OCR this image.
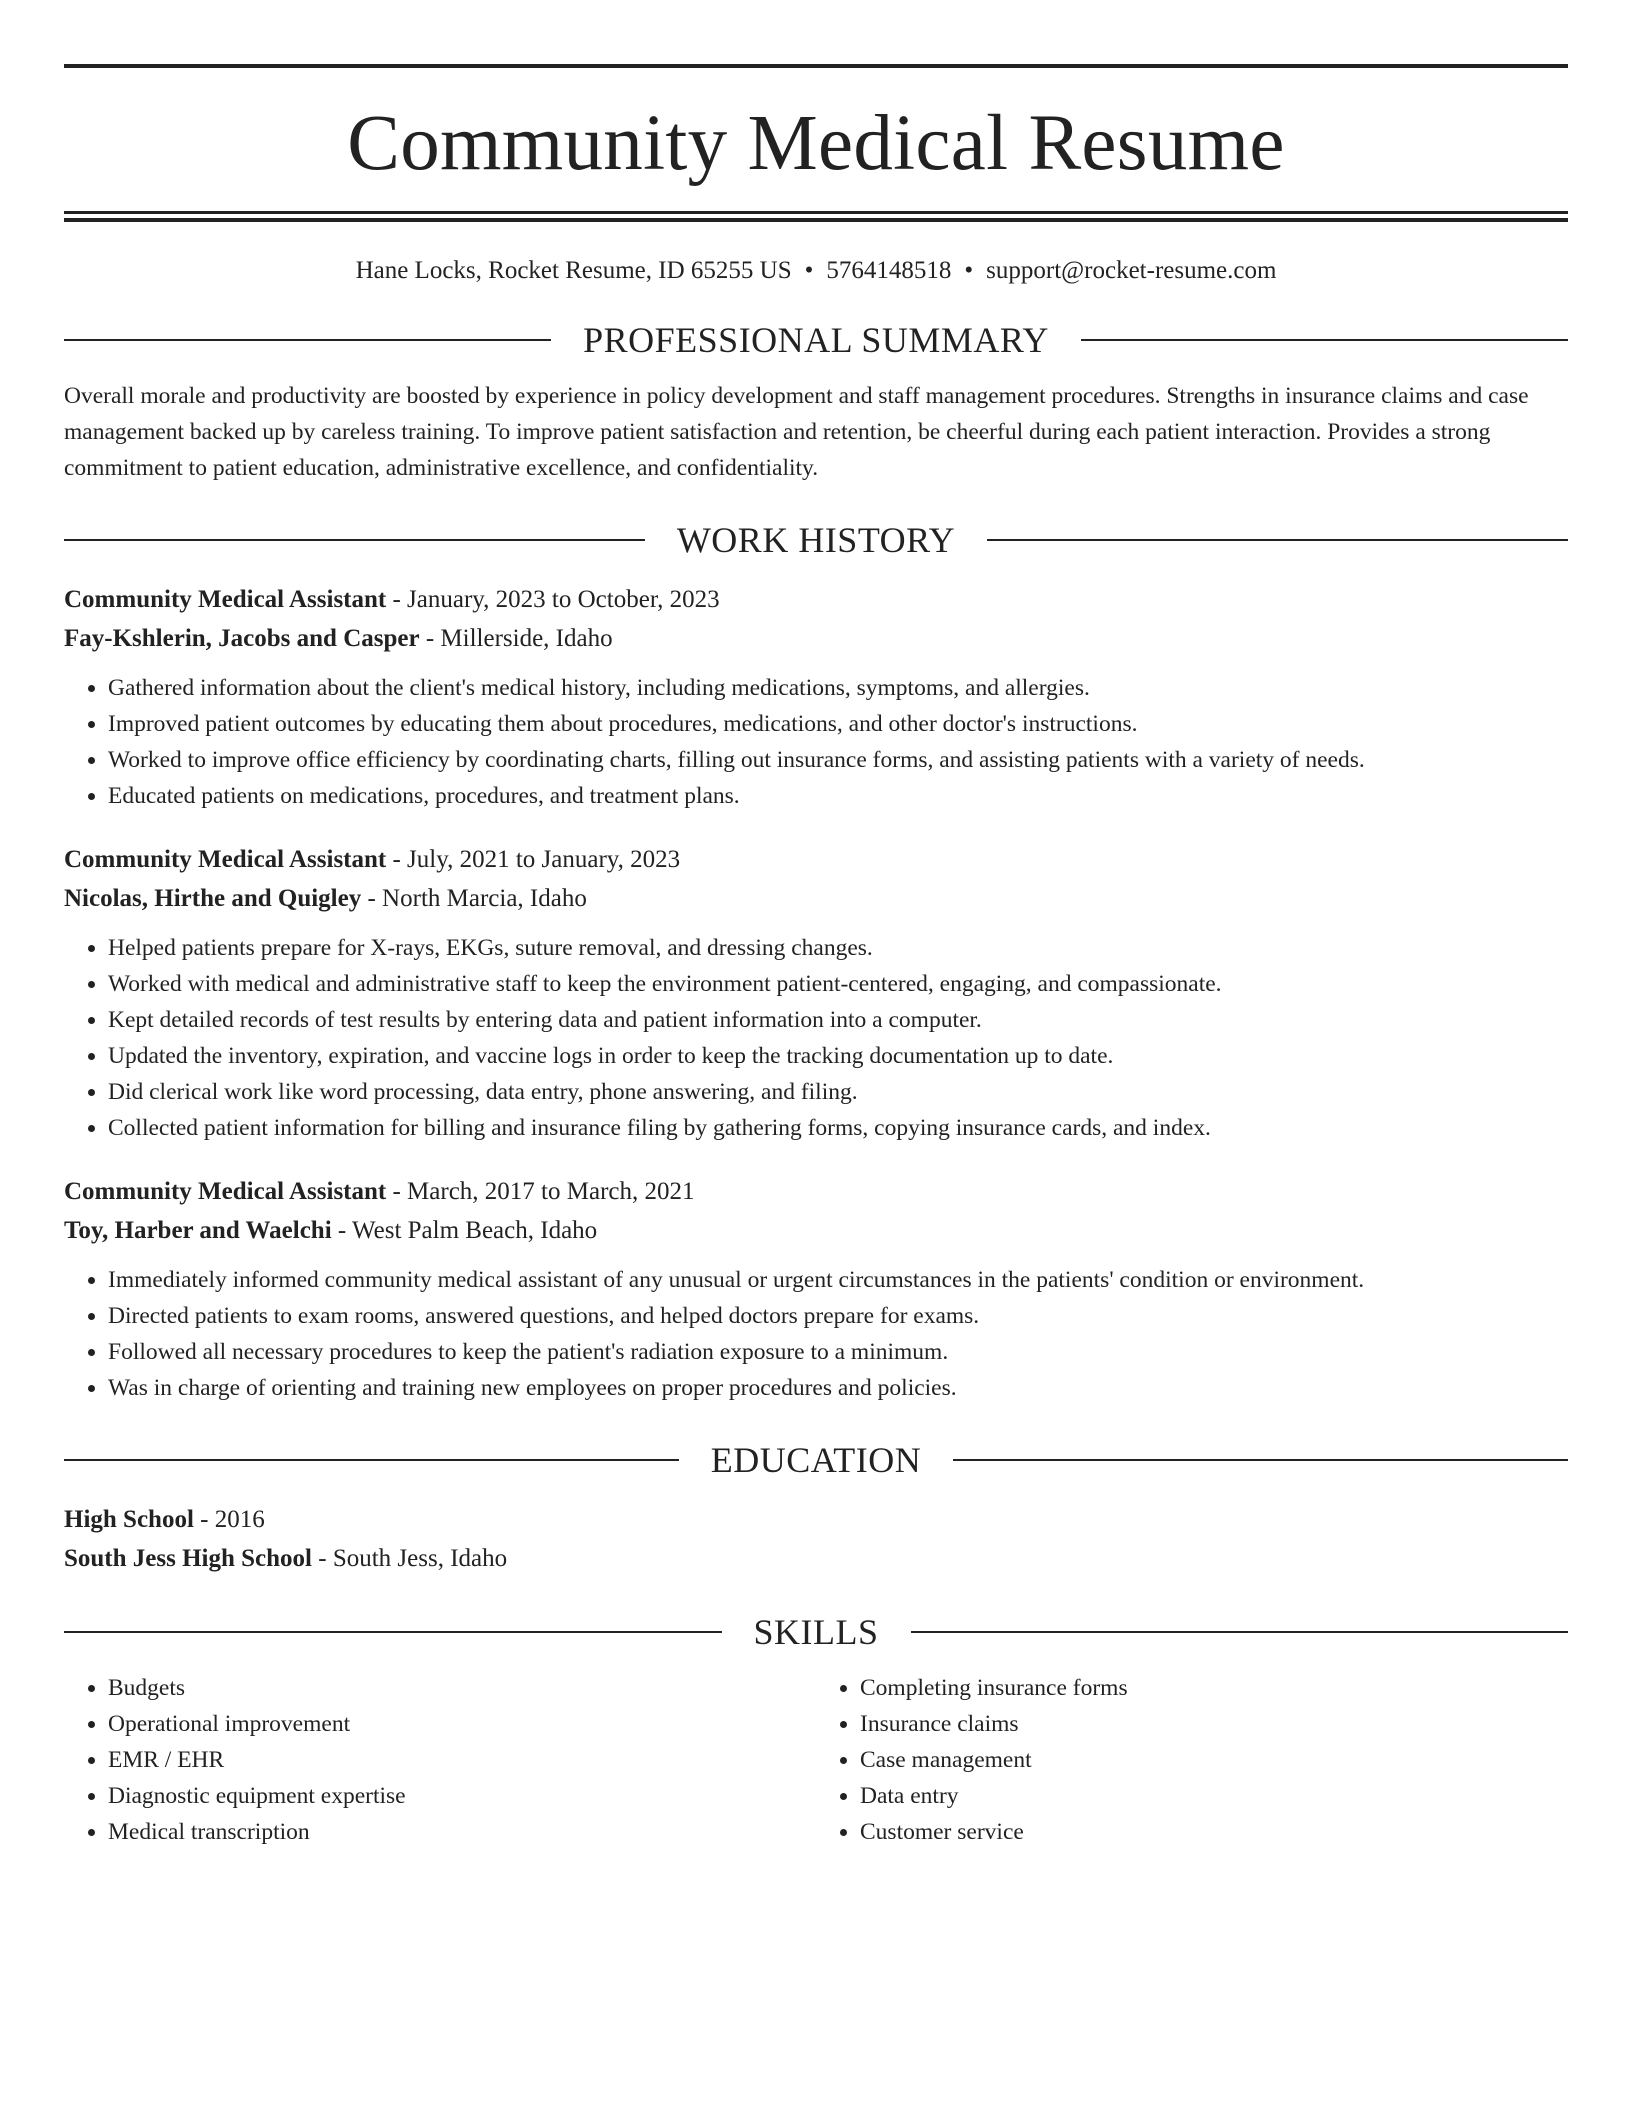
Community Medical Resume
Hane Locks, Rocket Resume, ID 65255 US • 5764148518 • support@rocket-resume.com
PROFESSIONAL SUMMARY
Overall morale and productivity are boosted by experience in policy development and staff management procedures. Strengths in insurance claims and case management backed up by careless training. To improve patient satisfaction and retention, be cheerful during each patient interaction. Provides a strong commitment to patient education, administrative excellence, and confidentiality.
WORK HISTORY
Community Medical Assistant - January, 2023 to October, 2023
Fay-Kshlerin, Jacobs and Casper - Millerside, Idaho
• Gathered information about the client's medical history, including medications, symptoms, and allergies.
• Improved patient outcomes by educating them about procedures, medications, and other doctor's instructions.
• Worked to improve office efficiency by coordinating charts, filling out insurance forms, and assisting patients with a variety of needs.
• Educated patients on medications, procedures, and treatment plans.
Community Medical Assistant - July, 2021 to January, 2023
Nicolas, Hirthe and Quigley - North Marcia, Idaho
• Helped patients prepare for X-rays, EKGs, suture removal, and dressing changes.
• Worked with medical and administrative staff to keep the environment patient-centered, engaging, and compassionate.
• Kept detailed records of test results by entering data and patient information into a computer.
• Updated the inventory, expiration, and vaccine logs in order to keep the tracking documentation up to date.
• Did clerical work like word processing, data entry, phone answering, and filing.
• Collected patient information for billing and insurance filing by gathering forms, copying insurance cards, and index.
Community Medical Assistant - March, 2017 to March, 2021
Toy, Harber and Waelchi - West Palm Beach, Idaho
• Immediately informed community medical assistant of any unusual or urgent circumstances in the patients' condition or environment.
• Directed patients to exam rooms, answered questions, and helped doctors prepare for exams.
• Followed all necessary procedures to keep the patient's radiation exposure to a minimum.
• Was in charge of orienting and training new employees on proper procedures and policies.
EDUCATION
High School - 2016
South Jess High School - South Jess, Idaho
SKILLS
• Budgets
• Operational improvement
• EMR / EHR
• Diagnostic equipment expertise
• Medical transcription
• Completing insurance forms
• Insurance claims
• Case management
• Data entry
• Customer service
